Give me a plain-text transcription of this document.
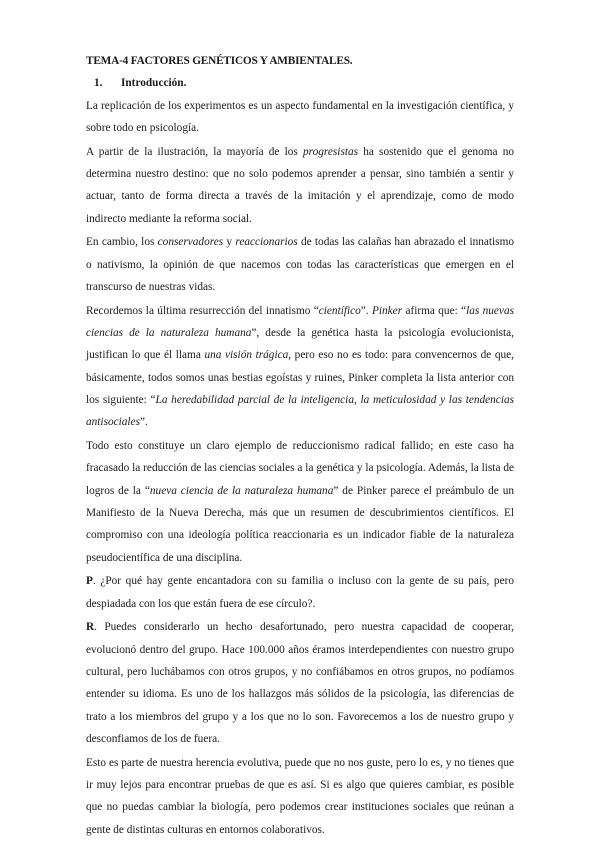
TEMA-4 FACTORES GENÉTICOS Y AMBIENTALES.
1. Introducción.

La replicación de los experimentos es un aspecto fundamental en la investigación científica, y sobre todo en psicología.

A partir de la ilustración, la mayoría de los progresistas ha sostenido que el genoma no determina nuestro destino: que no solo podemos aprender a pensar, sino también a sentir y actuar, tanto de forma directa a través de la imitación y el aprendizaje, como de modo indirecto mediante la reforma social.

En cambio, los conservadores y reaccionarios de todas las calañas han abrazado el innatismo o nativismo, la opinión de que nacemos con todas las características que emergen en el transcurso de nuestras vidas.

Recordemos la última resurrección del innatismo “científico”. Pinker afirma que: “las nuevas ciencias de la naturaleza humana”, desde la genética hasta la psicología evolucionista, justifican lo que él llama una visión trágica, pero eso no es todo: para convencernos de que, básicamente, todos somos unas bestias egoístas y ruines, Pinker completa la lista anterior con los siguiente: “La heredabilidad parcial de la inteligencia, la meticulosidad y las tendencias antisociales”.

Todo esto constituye un claro ejemplo de reduccionismo radical fallido; en este caso ha fracasado la reducción de las ciencias sociales a la genética y la psicología. Además, la lista de logros de la “nueva ciencia de la naturaleza humana” de Pinker parece el preámbulo de un Manifiesto de la Nueva Derecha, más que un resumen de descubrimientos científicos. El compromiso con una ideología política reaccionaria es un indicador fiable de la naturaleza pseudocientífica de una disciplina.

P. ¿Por qué hay gente encantadora con su familia o incluso con la gente de su país, pero despiadada con los que están fuera de ese círculo?.

R. Puedes considerarlo un hecho desafortunado, pero nuestra capacidad de cooperar, evolucionó dentro del grupo. Hace 100.000 años éramos interdependientes con nuestro grupo cultural, pero luchábamos con otros grupos, y no confiábamos en otros grupos, no podíamos entender su idioma. Es uno de los hallazgos más sólidos de la psicología, las diferencias de trato a los miembros del grupo y a los que no lo son. Favorecemos a los de nuestro grupo y desconfiamos de los de fuera.

Esto es parte de nuestra herencia evolutiva, puede que no nos guste, pero lo es, y no tienes que ir muy lejos para encontrar pruebas de que es así. Si es algo que quieres cambiar, es posible que no puedas cambiar la biología, pero podemos crear instituciones sociales que reúnan a gente de distintas culturas en entornos colaborativos.
